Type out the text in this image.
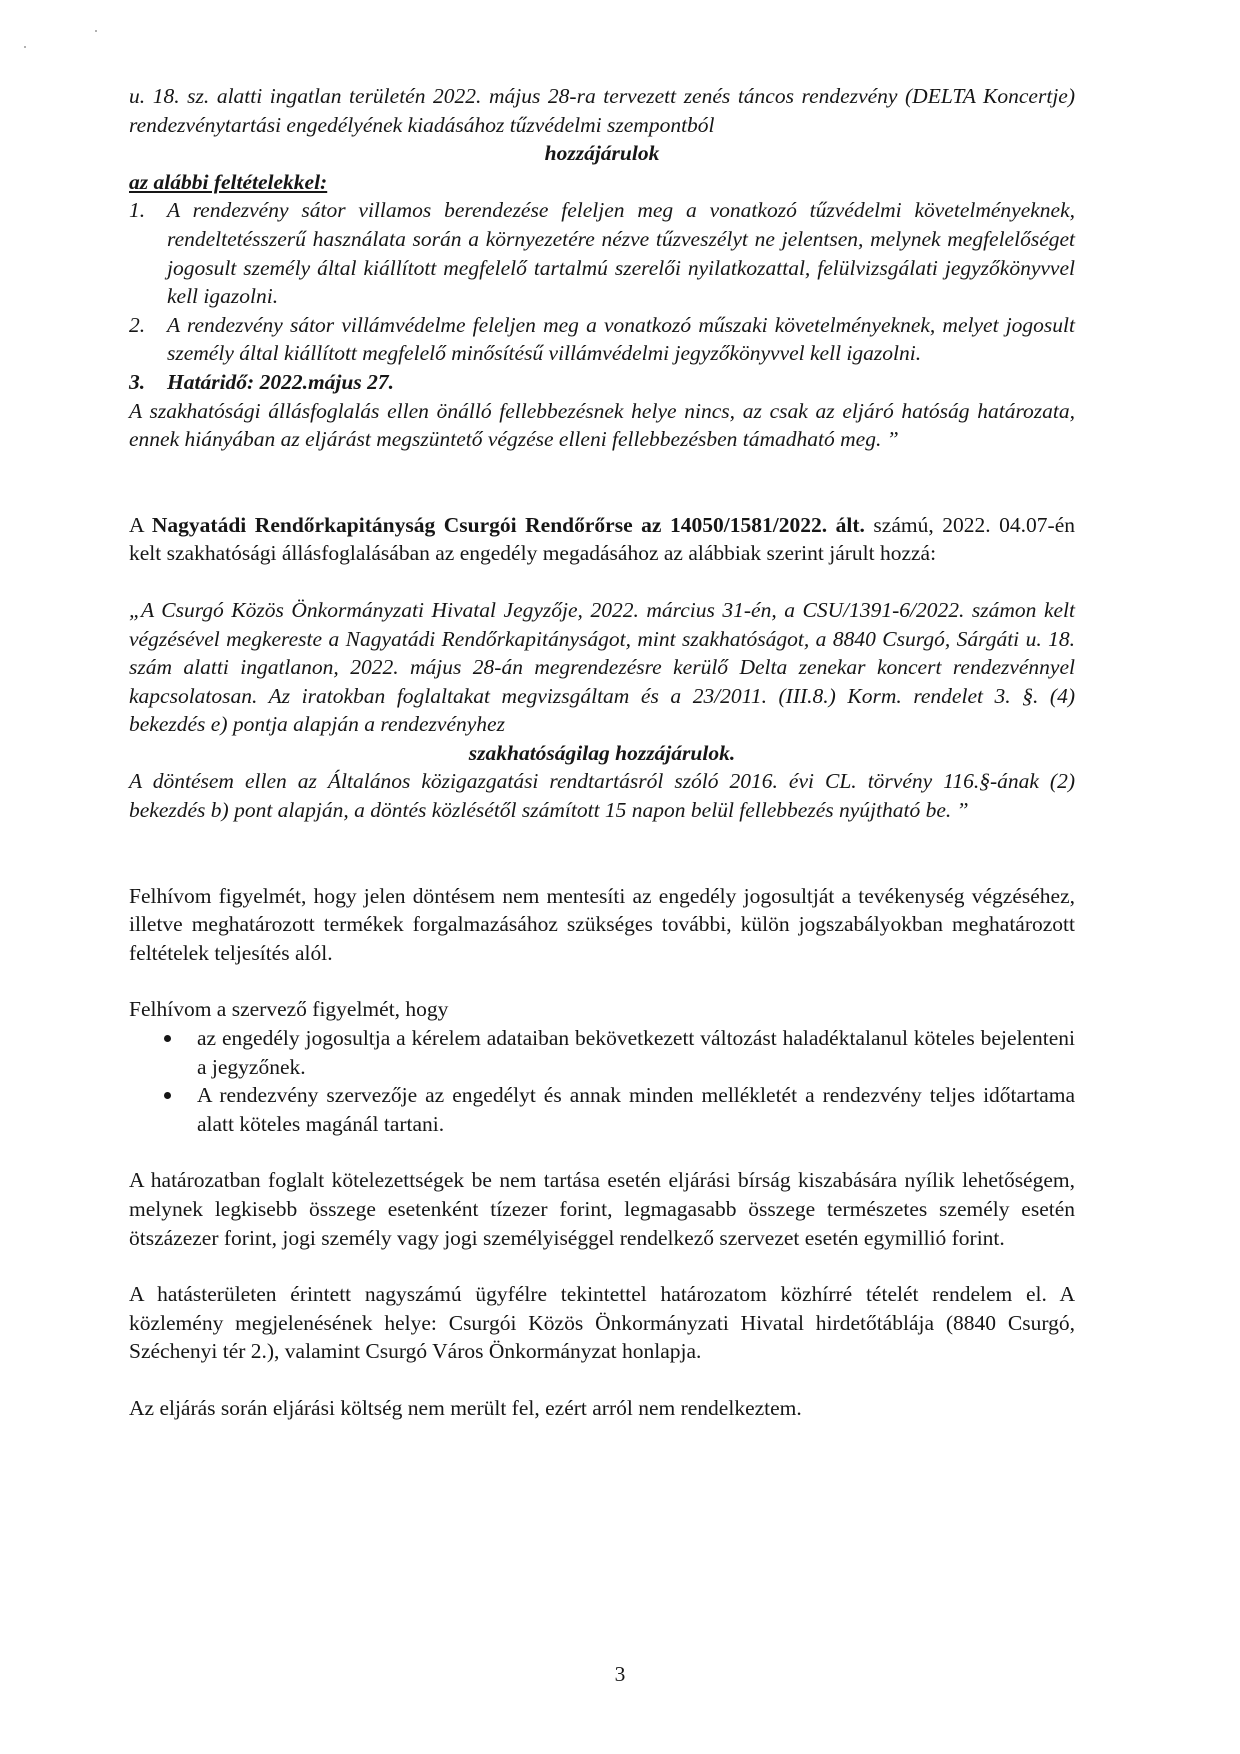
u. 18. sz. alatti ingatlan területén 2022. május 28-ra tervezett zenés táncos rendezvény (DELTA Koncertje) rendezvénytartási engedélyének kiadásához tűzvédelmi szempontból

hozzájárulok

az alábbi feltételekkel:

1.	A rendezvény sátor villamos berendezése feleljen meg a vonatkozó tűzvédelmi követelményeknek, rendeltetésszerű használata során a környezetére nézve tűzveszélyt ne jelentsen, melynek megfelelőséget jogosult személy által kiállított megfelelő tartalmú szerelői nyilatkozattal, felülvizsgálati jegyzőkönyvvel kell igazolni.
2.	A rendezvény sátor villámvédelme feleljen meg a vonatkozó műszaki követelményeknek, melyet jogosult személy által kiállított megfelelő minősítésű villámvédelmi jegyzőkönyvvel kell igazolni.
3.	Határidő: 2022.május 27.

A szakhatósági állásfoglalás ellen önálló fellebbezésnek helye nincs, az csak az eljáró hatóság határozata, ennek hiányában az eljárást megszüntető végzése elleni fellebbezésben támadható meg. ”

A Nagyatádi Rendőrkapitányság Csurgói Rendőrőrse az 14050/1581/2022. ált. számú, 2022. 04.07-én kelt szakhatósági állásfoglalásában az engedély megadásához az alábbiak szerint járult hozzá:

„A Csurgó Közös Önkormányzati Hivatal Jegyzője, 2022. március 31-én, a CSU/1391-6/2022. számon kelt végzésével megkereste a Nagyatádi Rendőrkapitányságot, mint szakhatóságot, a 8840 Csurgó, Sárgáti u. 18. szám alatti ingatlanon, 2022. május 28-án megrendezésre kerülő Delta zenekar koncert rendezvénnyel kapcsolatosan. Az iratokban foglaltakat megvizsgáltam és a 23/2011. (III.8.) Korm. rendelet 3. §. (4) bekezdés e) pontja alapján a rendezvényhez

szakhatóságilag hozzájárulok.

A döntésem ellen az Általános közigazgatási rendtartásról szóló 2016. évi CL. törvény 116.§-ának (2) bekezdés b) pont alapján, a döntés közlésétől számított 15 napon belül fellebbezés nyújtható be. ”

Felhívom figyelmét, hogy jelen döntésem nem mentesíti az engedély jogosultját a tevékenység végzéséhez, illetve meghatározott termékek forgalmazásához szükséges további, külön jogszabályokban meghatározott feltételek teljesítés alól.

Felhívom a szervező figyelmét, hogy

az engedély jogosultja a kérelem adataiban bekövetkezett változást haladéktalanul köteles bejelenteni a jegyzőnek.
A rendezvény szervezője az engedélyt és annak minden mellékletét a rendezvény teljes időtartama alatt köteles magánál tartani.

A határozatban foglalt kötelezettségek be nem tartása esetén eljárási bírság kiszabására nyílik lehetőségem, melynek legkisebb összege esetenként tízezer forint, legmagasabb összege természetes személy esetén ötszázezer forint, jogi személy vagy jogi személyiséggel rendelkező szervezet esetén egymillió forint.

A hatásterületen érintett nagyszámú ügyfélre tekintettel határozatom közhírré tételét rendelem el. A közlemény megjelenésének helye: Csurgói Közös Önkormányzati Hivatal hirdetőtáblája (8840 Csurgó, Széchenyi tér 2.), valamint Csurgó Város Önkormányzat honlapja.

Az eljárás során eljárási költség nem merült fel, ezért arról nem rendelkeztem.

3
